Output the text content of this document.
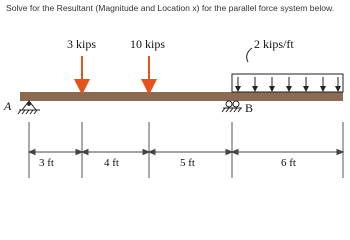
Solve for the Resultant (Magnitude and Location x) for the parallel force system below.
3 kips	10 kips	2 kips/ft
A	B
3 ft	4 ft	5 ft	6 ft
